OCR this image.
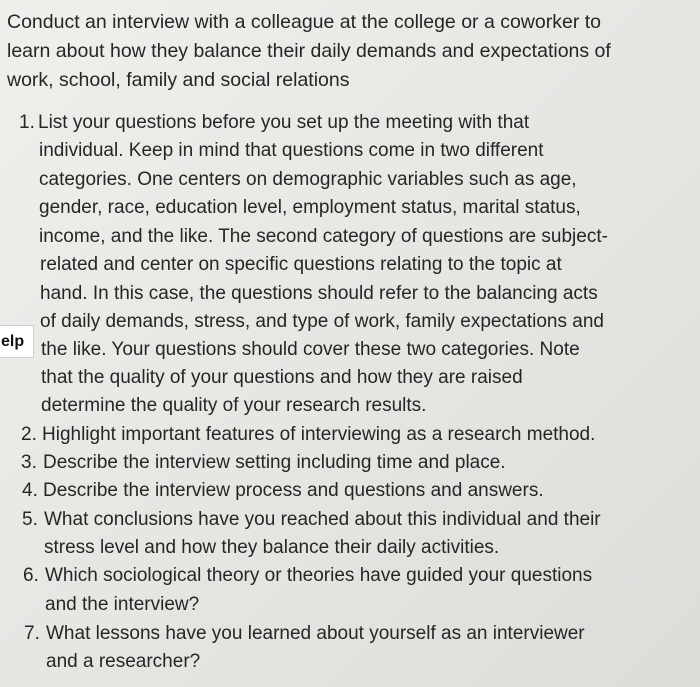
Conduct an interview with a colleague at the college or a coworker to
learn about how they balance their daily demands and expectations of
work, school, family and social relations

1. List your questions before you set up the meeting with that
individual. Keep in mind that questions come in two different
categories. One centers on demographic variables such as age,
gender, race, education level, employment status, marital status,
income, and the like. The second category of questions are subject-
related and center on specific questions relating to the topic at
hand. In this case, the questions should refer to the balancing acts
of daily demands, stress, and type of work, family expectations and
the like. Your questions should cover these two categories. Note
that the quality of your questions and how they are raised
determine the quality of your research results.
2. Highlight important features of interviewing as a research method.
3. Describe the interview setting including time and place.
4. Describe the interview process and questions and answers.
5. What conclusions have you reached about this individual and their
stress level and how they balance their daily activities.
6. Which sociological theory or theories have guided your questions
and the interview?
7. What lessons have you learned about yourself as an interviewer
and a researcher?
elp
